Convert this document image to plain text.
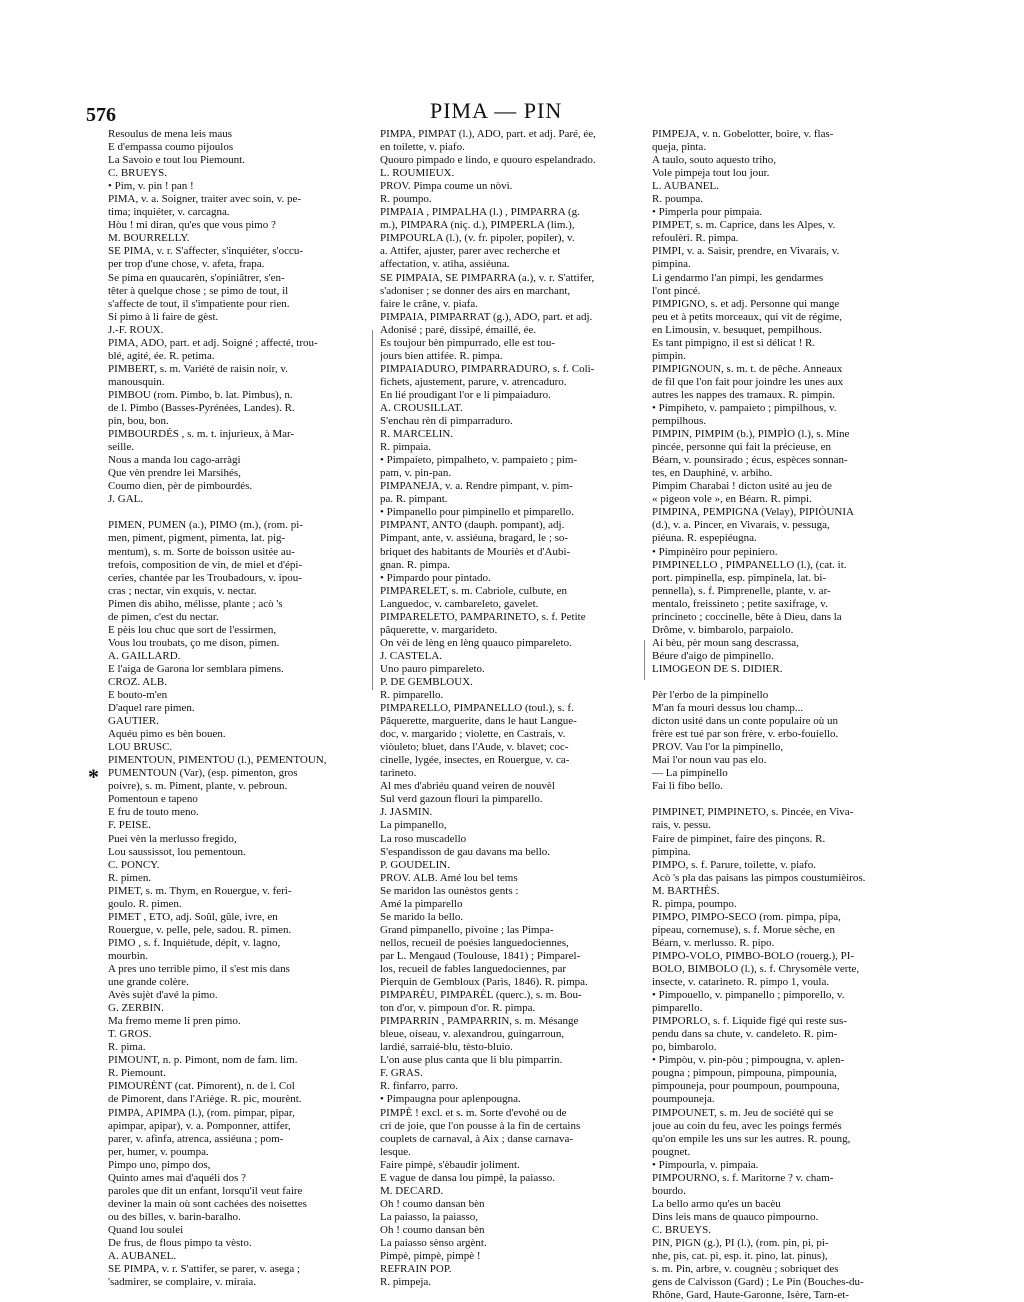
576	PIMA — PIN
*
Resoulus de mena leis maus
E d'empassa coumo pijoulos
La Savoio e tout lou Piemount.
C. BRUEYS.
• Pim, v. pin ! pan !
PIMA, v. a. Soigner, traiter avec soin, v. pe-
tima; inquiéter, v. carcagna.
Hòu ! mi diran, qu'es que vous pimo ?
M. BOURRELLY.
SE PIMA, v. r. S'affecter, s'inquiéter, s'occu-
per trop d'une chose, v. afeta, frapa.
Se pima en quaucarèn, s'opiniâtrer, s'en-
têter à quelque chose ; se pimo de tout, il
s'affecte de tout, il s'impatiente pour rien.
Si pimo à li faire de gèst.
J.-F. ROUX.
PIMA, ADO, part. et adj. Soigné ; affecté, trou-
blé, agité, ée. R. petima.
PIMBERT, s. m. Variété de raisin noir, v.
manousquin.
PIMBOU (rom. Pimbo, b. lat. Pimbus), n.
de l. Pimbo (Basses-Pyrénées, Landes). R.
pin, bou, bon.
PIMBOURDÉS , s. m. t. injurieux, à Mar-
seille.
Nous a manda lou cago-arràgi
Que vèn prendre lei Marsihés,
Coumo dien, pèr de pimbourdés.
J. GAL.
PIMEN, PUMEN (a.), PIMO (m.), (rom. pi-
men, piment, pigment, pimenta, lat. pig-
mentum), s. m. Sorte de boisson usitée au-
trefois, composition de vin, de miel et d'épi-
ceries, chantée par les Troubadours, v. ipou-
cras ; nectar, vin exquis, v. nectar.
Pimen dis abiho, mélisse, plante ; acò 's
de pimen, c'est du nectar.
E pèis lou chuc que sort de l'essirmen,
Vous lou troubats, ço me dison, pimen.
A. GAILLARD.
E l'aiga de Garona lor semblara pimens.
CROZ. ALB.
E bouto-m'en
D'aquel rare pimen.
GAUTIER.
Aquéu pimo es bèn bouen.
LOU BRUSC.
PIMENTOUN, PIMENTOU (l.), PEMENTOUN,
PUMENTOUN (Var), (esp. pimenton, gros
poivre), s. m. Piment, plante, v. pebroun.
Pomentoun e tapeno
E fru de touto meno.
F. PEISE.
Puei vèn la merlusso fregido,
Lou saussissot, lou pementoun.
C. PONCY.
R. pimen.
PIMET, s. m. Thym, en Rouergue, v. feri-
goulo. R. pimen.
PIMET , ETO, adj. Soûl, gûle, ivre, en
Rouergue, v. pelle, pele, sadou. R. pimen.
PIMO , s. f. Inquiétude, dépit, v. lagno,
mourbin.
A pres uno terrible pimo, il s'est mis dans
une grande colère.
Avès sujèt d'avé la pimo.
G. ZERBIN.
Ma fremo meme li pren pimo.
T. GROS.
R. pima.
PIMOUNT, n. p. Pimont, nom de fam. lim.
R. Piemount.
PIMOURÈNT (cat. Pimorent), n. de l. Col
de Pimorent, dans l'Ariège. R. pic, mourènt.
PIMPA, APIMPA (l.), (rom. pimpar, pipar,
apimpar, apipar), v. a. Pomponner, attifer,
parer, v. afinfa, atrenca, assiéuna ; pom-
per, humer, v. poumpa.
Pimpo uno, pimpo dos,
Quinto ames mai d'aquéli dos ?
paroles que dit un enfant, lorsqu'il veut faire
deviner la main où sont cachées des noisettes
ou des billes, v. barin-baralho.
Quand lou soulei
De frus, de flous pimpo ta vèsto.
A. AUBANEL.
SE PIMPA, v. r. S'attifer, se parer, v. asega ;
'sadmirer, se complaire, v. miraia.
PIMPA, PIMPAT (l.), ADO, part. et adj. Paré, ée,
en toilette, v. piafo.
Quouro pimpado e lindo, e quouro espelandrado.
L. ROUMIEUX.
PROV. Pimpa coume un nòvi.
R. poumpo.
PIMPAIA , PIMPALHA (l.) , PIMPARRA (g.
m.), PIMPARA (niç. d.), PIMPERLA (lim.),
PIMPOURLA (l.), (v. fr. pipoler, popiler), v.
a. Attifer, ajuster, parer avec recherche et
affectation, v. atiha, assiéuna.
SE PIMPAIA, SE PIMPARRA (a.), v. r. S'attifer,
s'adoniser ; se donner des airs en marchant,
faire le crâne, v. piafa.
PIMPAIA, PIMPARRAT (g.), ADO, part. et adj.
Adonisé ; paré, dissipé, émaillé, ée.
Es toujour bèn pimpurrado, elle est tou-
jours bien attifée. R. pimpa.
PIMPAIADURO, PIMPARRADURO, s. f. Coli-
fichets, ajustement, parure, v. atrencaduro.
En lié proudigant l'or e li pimpaiaduro.
A. CROUSILLAT.
S'enchau rèn di pimparraduro.
R. MARCELIN.
R. pimpaia.
• Pimpaieto, pimpalheto, v. pampaieto ; pim-
pam, v. pin-pan.
PIMPANEJA, v. a. Rendre pimpant, v. pim-
pa. R. pimpant.
• Pimpanello pour pimpinello et pimparello.
PIMPANT, ANTO (dauph. pompant), adj.
Pimpant, ante, v. assiéuna, bragard, le ; so-
briquet des habitants de Mouriès et d'Aubi-
gnan. R. pimpa.
• Pimpardo pour pintado.
PIMPARELET, s. m. Cabriole, culbute, en
Languedoc, v. cambareleto, gavelet.
PIMPARELETO, PAMPARINETO, s. f. Petite
pâquerette, v. margarideto.
On vèi de lèng en lèng quauco pimpareleto.
J. CASTELA.
Uno pauro pimpareleto.
P. DE GEMBLOUX.
R. pimparello.
PIMPARELLO, PIMPANELLO (toul.), s. f.
Pâquerette, marguerite, dans le haut Langue-
doc, v. margarido ; violette, en Castrais, v.
viòuleto; bluet, dans l'Aude, v. blavet; coc-
cinelle, lygée, insectes, en Rouergue, v. ca-
tarineto.
Al mes d'abriéu quand veiren de nouvèl
Sul verd gazoun flouri la pimparello.
J. JASMIN.
La pimpanello,
La roso muscadello
S'espandisson de gau davans ma bello.
P. GOUDELIN.
PROV. ALB. Amé lou bel tems
Se maridon las ounèstos gents :
Amé la pimparello
Se marido la bello.
Grand pimpanello, pivoine ; las Pimpa-
nellos, recueil de poésies languedociennes,
par L. Mengaud (Toulouse, 1841) ; Pimparel-
los, recueil de fables languedociennes, par
Pierquin de Gembloux (Paris, 1846). R. pimpa.
PIMPARÈU, PIMPARÈL (querc.), s. m. Bou-
ton d'or, v. pimpoun d'or. R. pimpa.
PIMPARRIN , PAMPARRIN, s. m. Mésange
bleue, oiseau, v. alexandrou, guingarroun,
lardié, sarraié-blu, tèsto-bluio.
L'on ause plus canta que li blu pimparrin.
F. GRAS.
R. finfarro, parro.
• Pimpaugna pour aplenpougna.
PIMPÈ ! excl. et s. m. Sorte d'evohé ou de
cri de joie, que l'on pousse à la fin de certains
couplets de carnaval, à Aix ; danse carnava-
lesque.
Faire pimpè, s'èbaudir joliment.
E vague de dansa lou pimpè, la paiasso.
M. DECARD.
Oh ! coumo dansan bèn
La paiasso, la paiasso,
Oh ! coumo dansan bèn
La paiasso sènso argènt.
Pimpè, pimpè, pimpè !
REFRAIN POP.
R. pimpeja.
PIMPEJA, v. n. Gobelotter, boire, v. flas-
queja, pinta.
A taulo, souto aquesto triho,
Vole pimpeja tout lou jour.
L. AUBANEL.
R. poumpa.
• Pimperla pour pimpaia.
PIMPET, s. m. Caprice, dans les Alpes, v.
refoulèri. R. pimpa.
PIMPI, v. a. Saisir, prendre, en Vivarais, v.
pimpina.
Li gendarmo l'an pimpi, les gendarmes
l'ont pincé.
PIMPIGNO, s. et adj. Personne qui mange
peu et à petits morceaux, qui vit de régime,
en Limousin, v. besuquet, pempilhous.
Es tant pimpigno, il est si délicat ! R.
pimpin.
PIMPIGNOUN, s. m. t. de pêche. Anneaux
de fil que l'on fait pour joindre les unes aux
autres les nappes des tramaux. R. pimpin.
• Pimpiheto, v. pampaieto ; pimpilhous, v.
pempilhous.
PIMPIN, PIMPIM (b.), PIMPÌO (l.), s. Mine
pincée, personne qui fait la précieuse, en
Béarn, v. pounsirado ; écus, espèces sonnan-
tes, en Dauphiné, v. arbiho.
Pimpim Charabai ! dicton usité au jeu de
« pigeon vole », en Béarn. R. pimpi.
PIMPINA, PEMPIGNA (Velay), PIPIÓUNIA
(d.), v. a. Pincer, en Vivarais, v. pessuga,
piéuna. R. espepiéugna.
• Pimpinèiro pour pepiniero.
PIMPINELLO , PIMPANELLO (l.), (cat. it.
port. pimpinella, esp. pimpinela, lat. bi-
pennella), s. f. Pimprenelle, plante, v. ar-
mentalo, freissineto ; petite saxifrage, v.
princineto ; coccinelle, bête à Dieu, dans la
Drôme, v. bimbarolo, parpaiolo.
Ai bèu, pèr moun sang descrassa,
Béure d'aigo de pimpinello.
LIMOGEON DE S. DIDIER.
Pèr l'erbo de la pimpinello
M'an fa mouri dessus lou champ...
dicton usité dans un conte populaire où un
frère est tué par son frère, v. erbo-fouiello.
PROV. Vau l'or la pimpinello,
Mai l'or noun vau pas elo.
— La pimpinello
Fai li fibo bello.
PIMPINET, PIMPINETO, s. Pincée, en Viva-
rais, v. pessu.
Faire de pimpinet, faire des pinçons. R.
pimpina.
PIMPO, s. f. Parure, toilette, v. piafo.
Acò 's pla das paisans las pimpos coustumièiros.
M. BARTHÈS.
R. pimpa, poumpo.
PIMPO, PIMPO-SECO (rom. pimpa, pipa,
pipeau, cornemuse), s. f. Morue sèche, en
Béarn, v. merlusso. R. pipo.
PIMPO-VOLO, PIMBO-BOLO (rouerg.), PI-
BOLO, BIMBOLO (l.), s. f. Chrysomèle verte,
insecte, v. catarineto. R. pimpo 1, voula.
• Pimpouello, v. pimpanello ; pimporello, v.
pimparello.
PIMPORLO, s. f. Liquide figé qui reste sus-
pendu dans sa chute, v. candeleto. R. pim-
po, bimbarolo.
• Pimpòu, v. pin-pòu ; pimpougna, v. aplen-
pougna ; pimpoun, pimpouna, pimpounia,
pimpouneja, pour poumpoun, poumpouna,
poumpouneja.
PIMPOUNET, s. m. Jeu de société qui se
joue au coin du feu, avec les poings fermés
qu'on empile les uns sur les autres. R. poung,
pougnet.
• Pimpourla, v. pimpaia.
PIMPOURNO, s. f. Maritorne ? v. cham-
bourdo.
La bello armo qu'es un bacèu
Dins leis mans de quauco pimpourno.
C. BRUEYS.
PIN, PIGN (g.), PI (l.), (rom. pin, pi, pi-
nhe, pis, cat. pi, esp. it. pino, lat. pinus),
s. m. Pin, arbre, v. cougnèu ; sobriquet des
gens de Calvisson (Gard) ; Le Pin (Bouches-du-
Rhône, Gard, Haute-Garonne, Isère, Tarn-et-
